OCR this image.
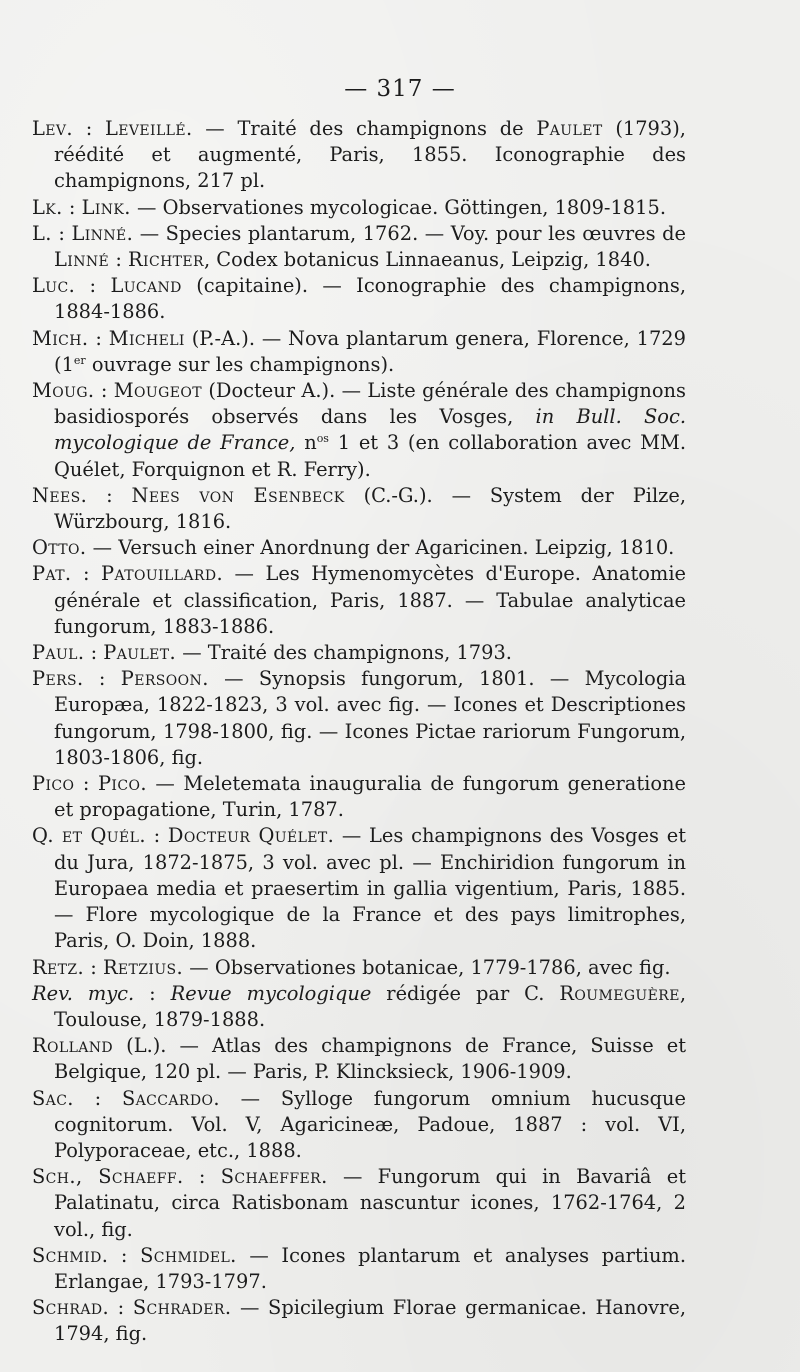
— 317 —

Lev. : Leveillé. — Traité des champignons de Paulet (1793), réédité et augmenté, Paris, 1855. Iconographie des champignons, 217 pl.

Lk. : Link. — Observationes mycologicae. Göttingen, 1809-1815.

L. : Linné. — Species plantarum, 1762. — Voy. pour les œuvres de Linné : Richter, Codex botanicus Linnaeanus, Leipzig, 1840.

Luc. : Lucand (capitaine). — Iconographie des champignons, 1884-1886.

Mich. : Micheli (P.-A.). — Nova plantarum genera, Florence, 1729 (1er ouvrage sur les champignons).

Moug. : Mougeot (Docteur A.). — Liste générale des champignons basidiosporés observés dans les Vosges, in Bull. Soc. mycologique de France, $n^{os}$ 1 et 3 (en collaboration avec MM. Quélet, Forquignon et R. Ferry).

Nees. : Nees von Esenbeck (C.-G.). — System der Pilze, Würzbourg, 1816.

Otto. — Versuch einer Anordnung der Agaricinen. Leipzig, 1810.

Pat. : Patouillard. — Les Hymenomycètes d'Europe. Anatomie générale et classification, Paris, 1887. — Tabulae analyticae fungorum, 1883-1886.

Paul. : Paulet. — Traité des champignons, 1793.

Pers. : Persoon. — Synopsis fungorum, 1801. — Mycologia Europæa, 1822-1823, 3 vol. avec fig. — Icones et Descriptiones fungorum, 1798-1800, fig. — Icones Pictae rariorum Fungorum, 1803-1806, fig.

Pico : Pico. — Meletemata inauguralia de fungorum generatione et propagatione, Turin, 1787.

Q. et Quél. : Docteur Quélet. — Les champignons des Vosges et du Jura, 1872-1875, 3 vol. avec pl. — Enchiridion fungorum in Europaea media et praesertim in gallia vigentium, Paris, 1885. — Flore mycologique de la France et des pays limitrophes, Paris, O. Doin, 1888.

Retz. : Retzius. — Observationes botanicae, 1779-1786, avec fig.

Rev. myc. : Revue mycologique rédigée par C. Roumeguère, Toulouse, 1879-1888.

Rolland (L.). — Atlas des champignons de France, Suisse et Belgique, 120 pl. — Paris, P. Klincksieck, 1906-1909.

Sac. : Saccardo. — Sylloge fungorum omnium hucusque cognitorum. Vol. V, Agaricineæ, Padoue, 1887 : vol. VI, Polyporaceae, etc., 1888.

Sch., Schaeff. : Schaeffer. — Fungorum qui in Bavariâ et Palatinatu, circa Ratisbonam nascuntur icones, 1762-1764, 2 vol., fig.

Schmid. : Schmidel. — Icones plantarum et analyses partium. Erlangae, 1793-1797.

Schrad. : Schrader. — Spicilegium Florae germanicae. Hanovre, 1794, fig.
